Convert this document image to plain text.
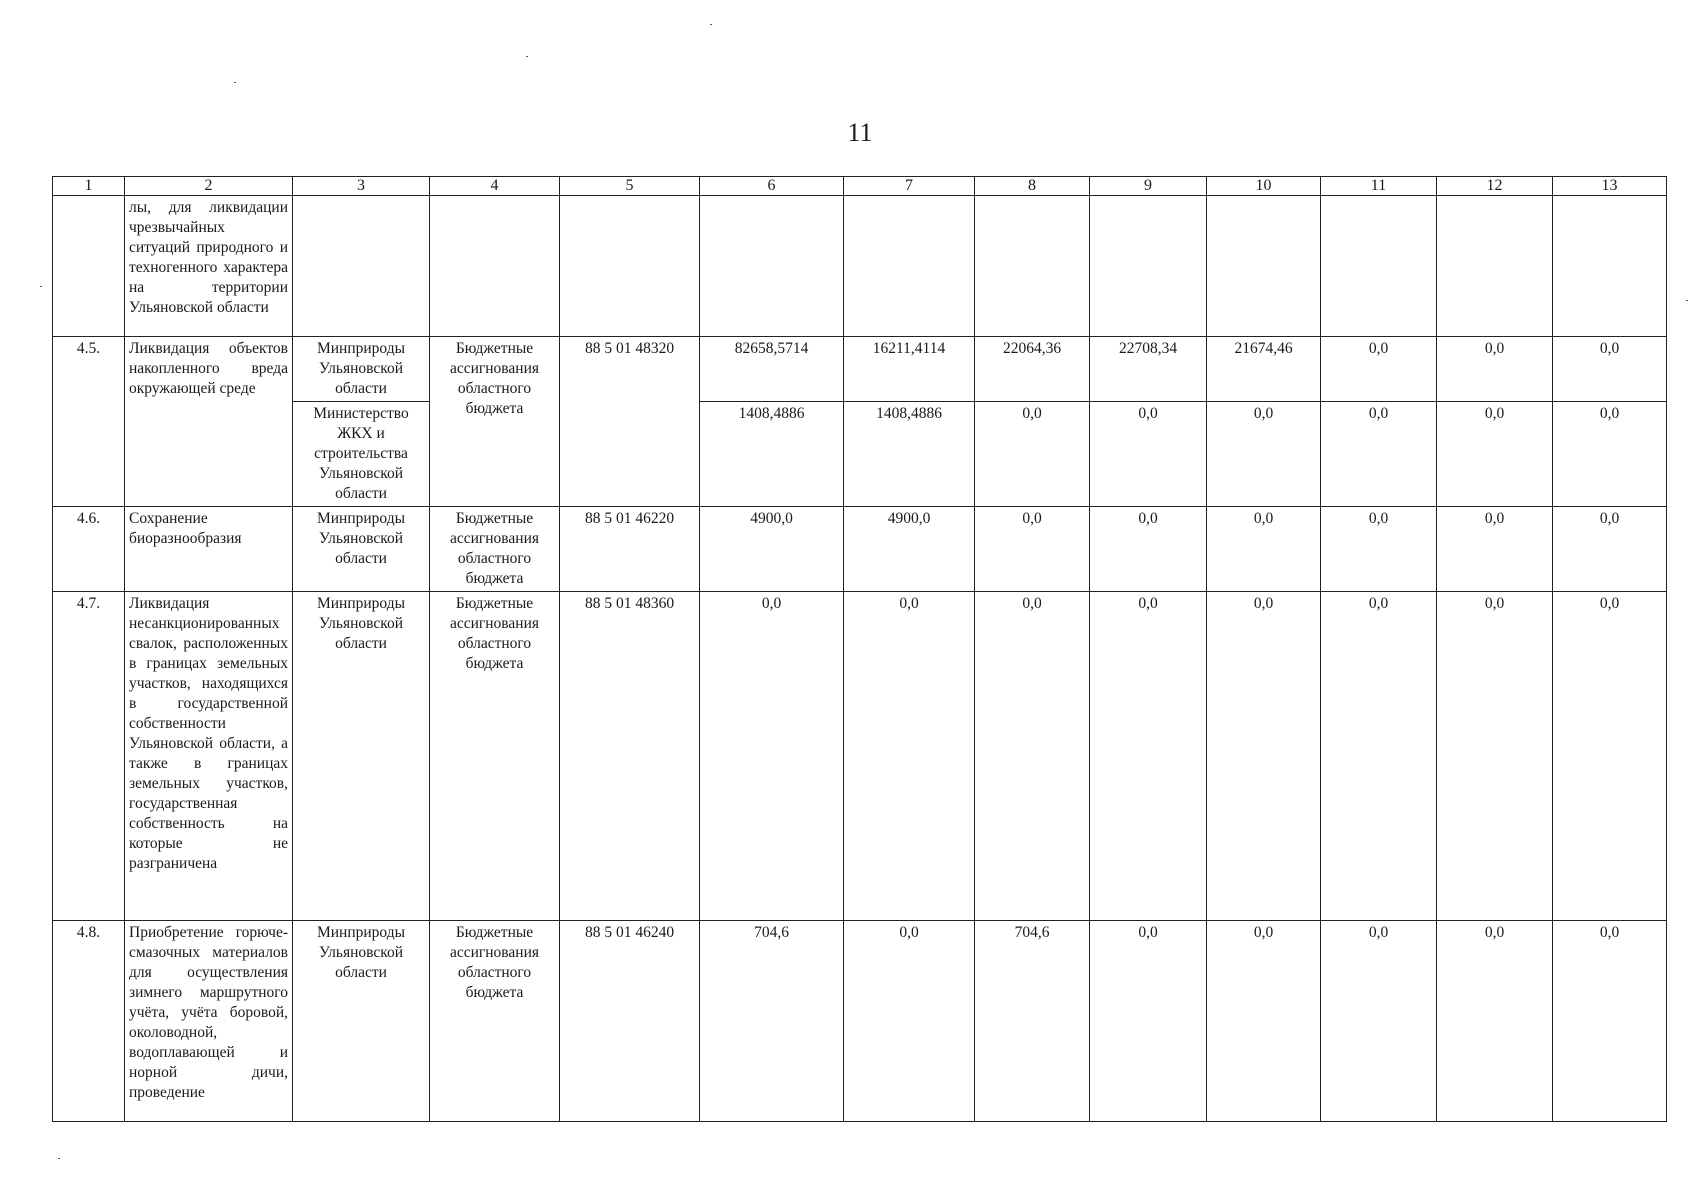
11
1	2	3	4	5	6	7	8	9	10	11	12	13
	лы, для ликвидации чрезвычайных ситуаций природного и техногенного характера на территории Ульяновской области											
4.5.	Ликвидация объектов накопленного вреда окружающей среде	Минприроды Ульяновской области	Бюджетные ассигнования областного бюджета	88 5 01 48320	82658,5714	16211,4114	22064,36	22708,34	21674,46	0,0	0,0	0,0
		Министерство ЖКХ и строительства Ульяновской области			1408,4886	1408,4886	0,0	0,0	0,0	0,0	0,0	0,0
4.6.	Сохранение биоразнообразия	Минприроды Ульяновской области	Бюджетные ассигнования областного бюджета	88 5 01 46220	4900,0	4900,0	0,0	0,0	0,0	0,0	0,0	0,0
4.7.	Ликвидация несанкционированных свалок, расположенных в границах земельных участков, находящихся в государственной собственности Ульяновской области, а также в границах земельных участков, государственная собственность на которые не разграничена	Минприроды Ульяновской области	Бюджетные ассигнования областного бюджета	88 5 01 48360	0,0	0,0	0,0	0,0	0,0	0,0	0,0	0,0
4.8.	Приобретение горюче-смазочных материалов для осуществления зимнего маршрутного учёта, учёта боровой, околоводной, водоплавающей и норной дичи, проведение	Минприроды Ульяновской области	Бюджетные ассигнования областного бюджета	88 5 01 46240	704,6	0,0	704,6	0,0	0,0	0,0	0,0	0,0
